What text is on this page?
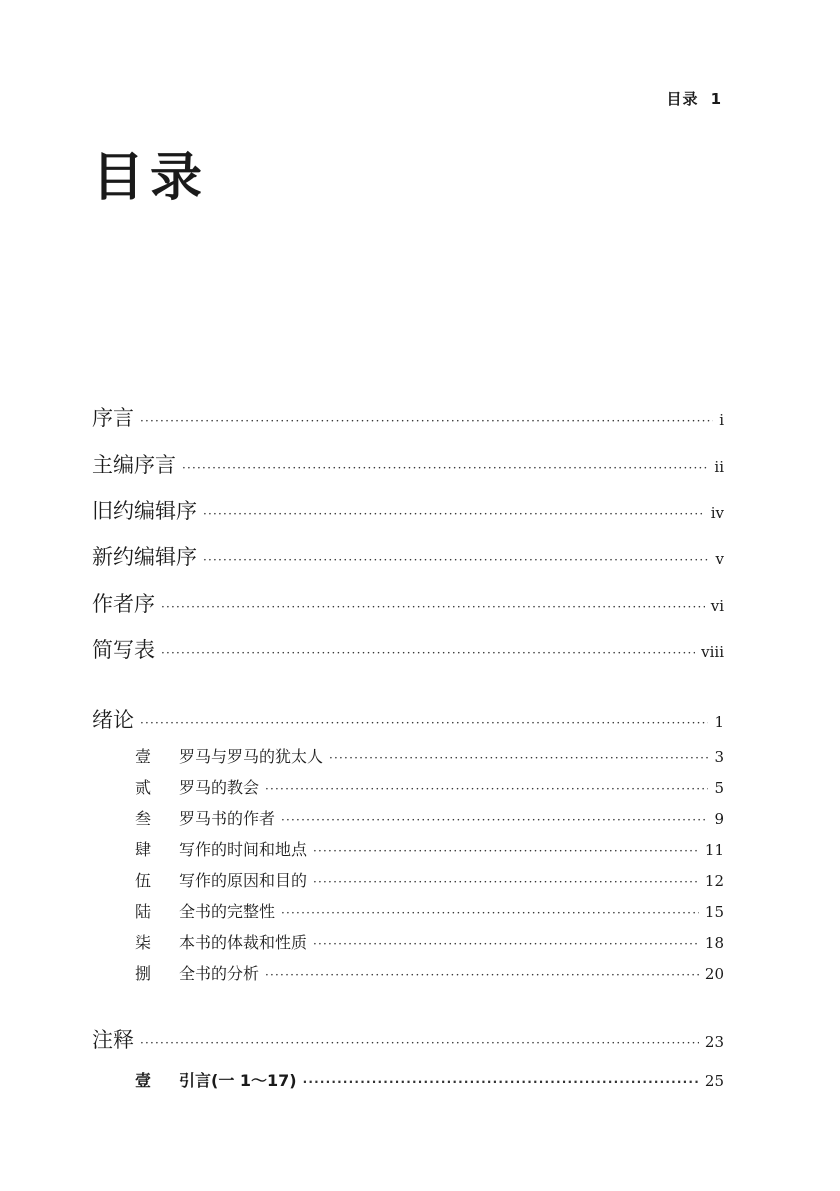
目录 1
目录
序言 ·····	i
主编序言 ·····	ii
旧约编辑序 ·····	iv
新约编辑序 ·····	v
作者序 ·····	vi
简写表 ·····	viii
绪论 ·····	1
壹	罗马与罗马的犹太人 ·····	3
贰	罗马的教会 ·····	5
叁	罗马书的作者 ·····	9
肆	写作的时间和地点 ·····	11
伍	写作的原因和目的 ·····	12
陆	全书的完整性 ·····	15
柒	本书的体裁和性质 ·····	18
捌	全书的分析 ·····	20
注释 ·····	23
壹	引言(一 1～17) ·····	25
